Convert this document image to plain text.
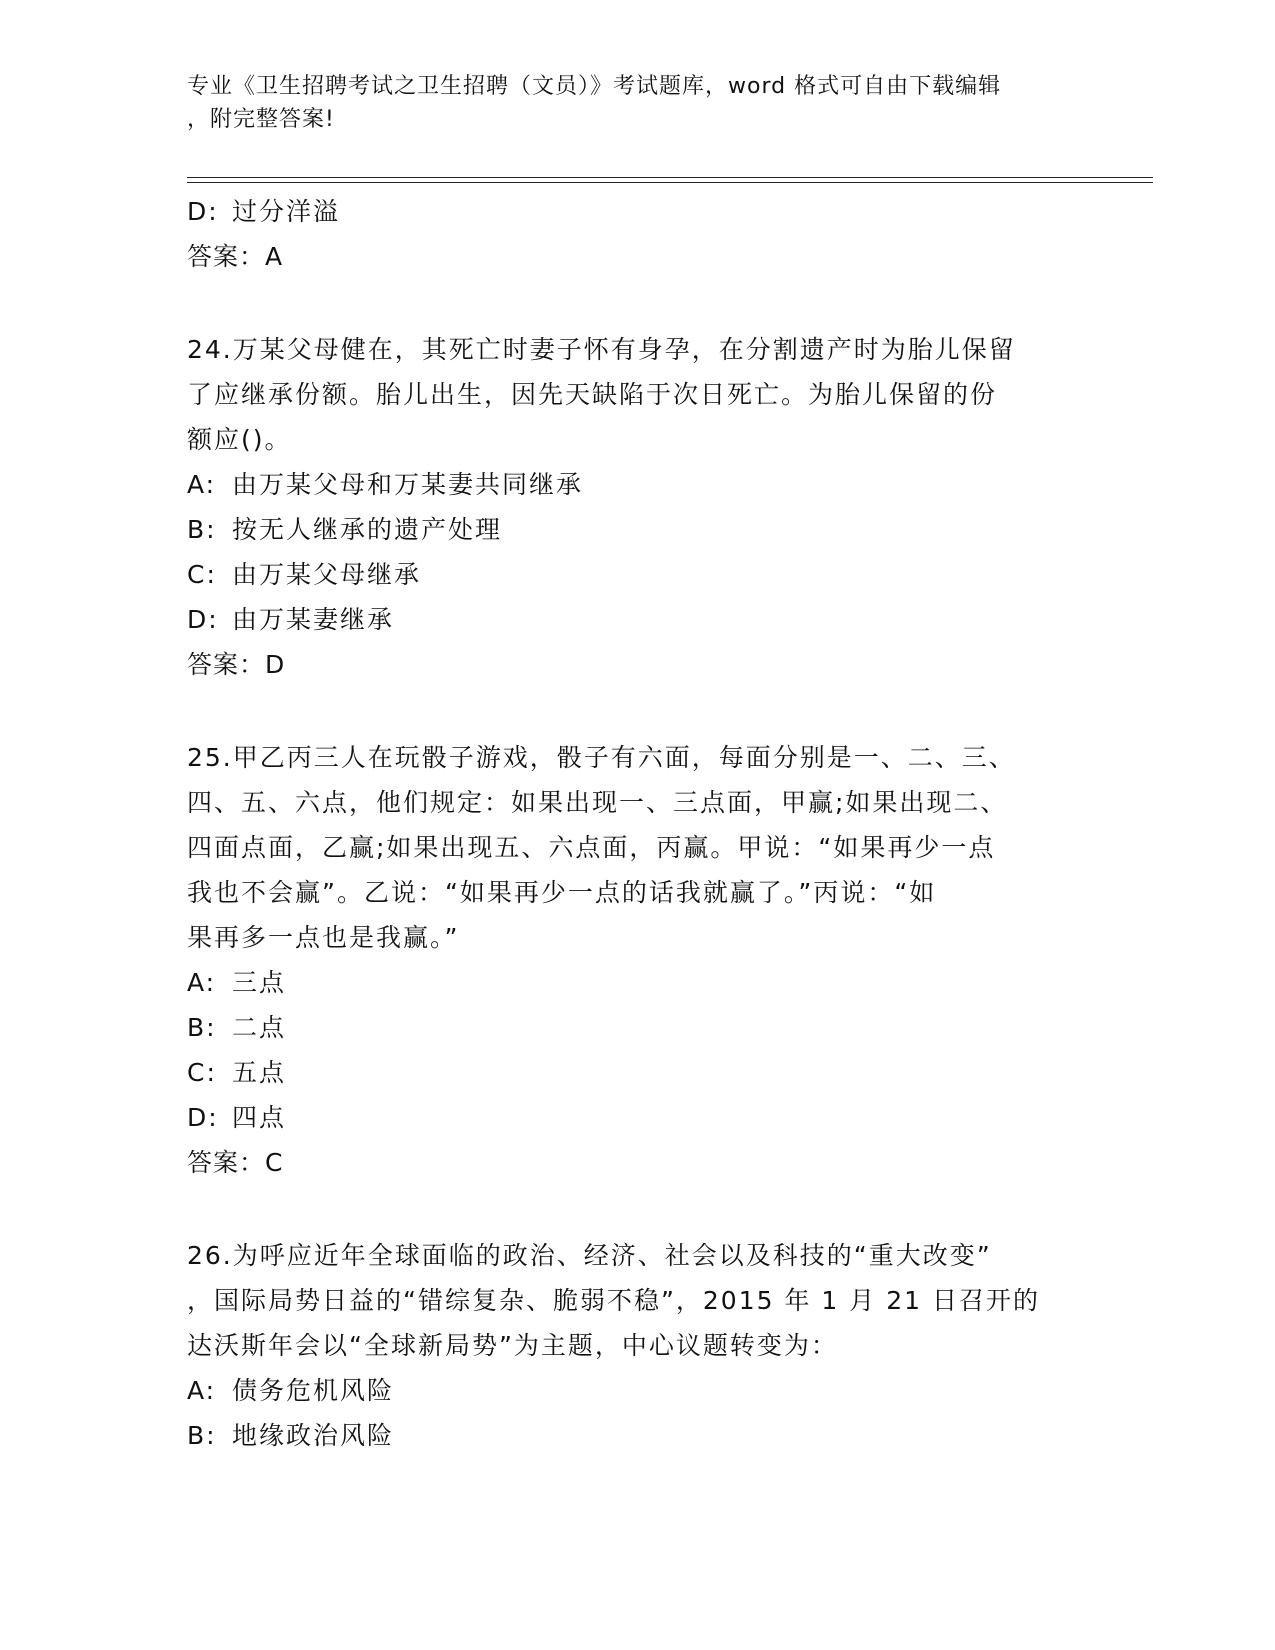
专业《卫生招聘考试之卫生招聘（文员）》考试题库，word 格式可自由下载编辑
，附完整答案!
D: 过分洋溢
答案：A
24.万某父母健在，其死亡时妻子怀有身孕，在分割遗产时为胎儿保留
了应继承份额。胎儿出生，因先天缺陷于次日死亡。为胎儿保留的份
额应()。
A: 由万某父母和万某妻共同继承
B: 按无人继承的遗产处理
C: 由万某父母继承
D: 由万某妻继承
答案：D
25.甲乙丙三人在玩骰子游戏，骰子有六面，每面分别是一、二、三、
四、五、六点，他们规定：如果出现一、三点面，甲赢;如果出现二、
四面点面，乙赢;如果出现五、六点面，丙赢。甲说：“如果再少一点
我也不会赢”。乙说：“如果再少一点的话我就赢了。”丙说：“如
果再多一点也是我赢。”
A: 三点
B: 二点
C: 五点
D: 四点
答案：C
26.为呼应近年全球面临的政治、经济、社会以及科技的“重大改变”
，国际局势日益的“错综复杂、脆弱不稳”，2015 年 1 月 21 日召开的
达沃斯年会以“全球新局势”为主题，中心议题转变为：
A: 债务危机风险
B: 地缘政治风险
